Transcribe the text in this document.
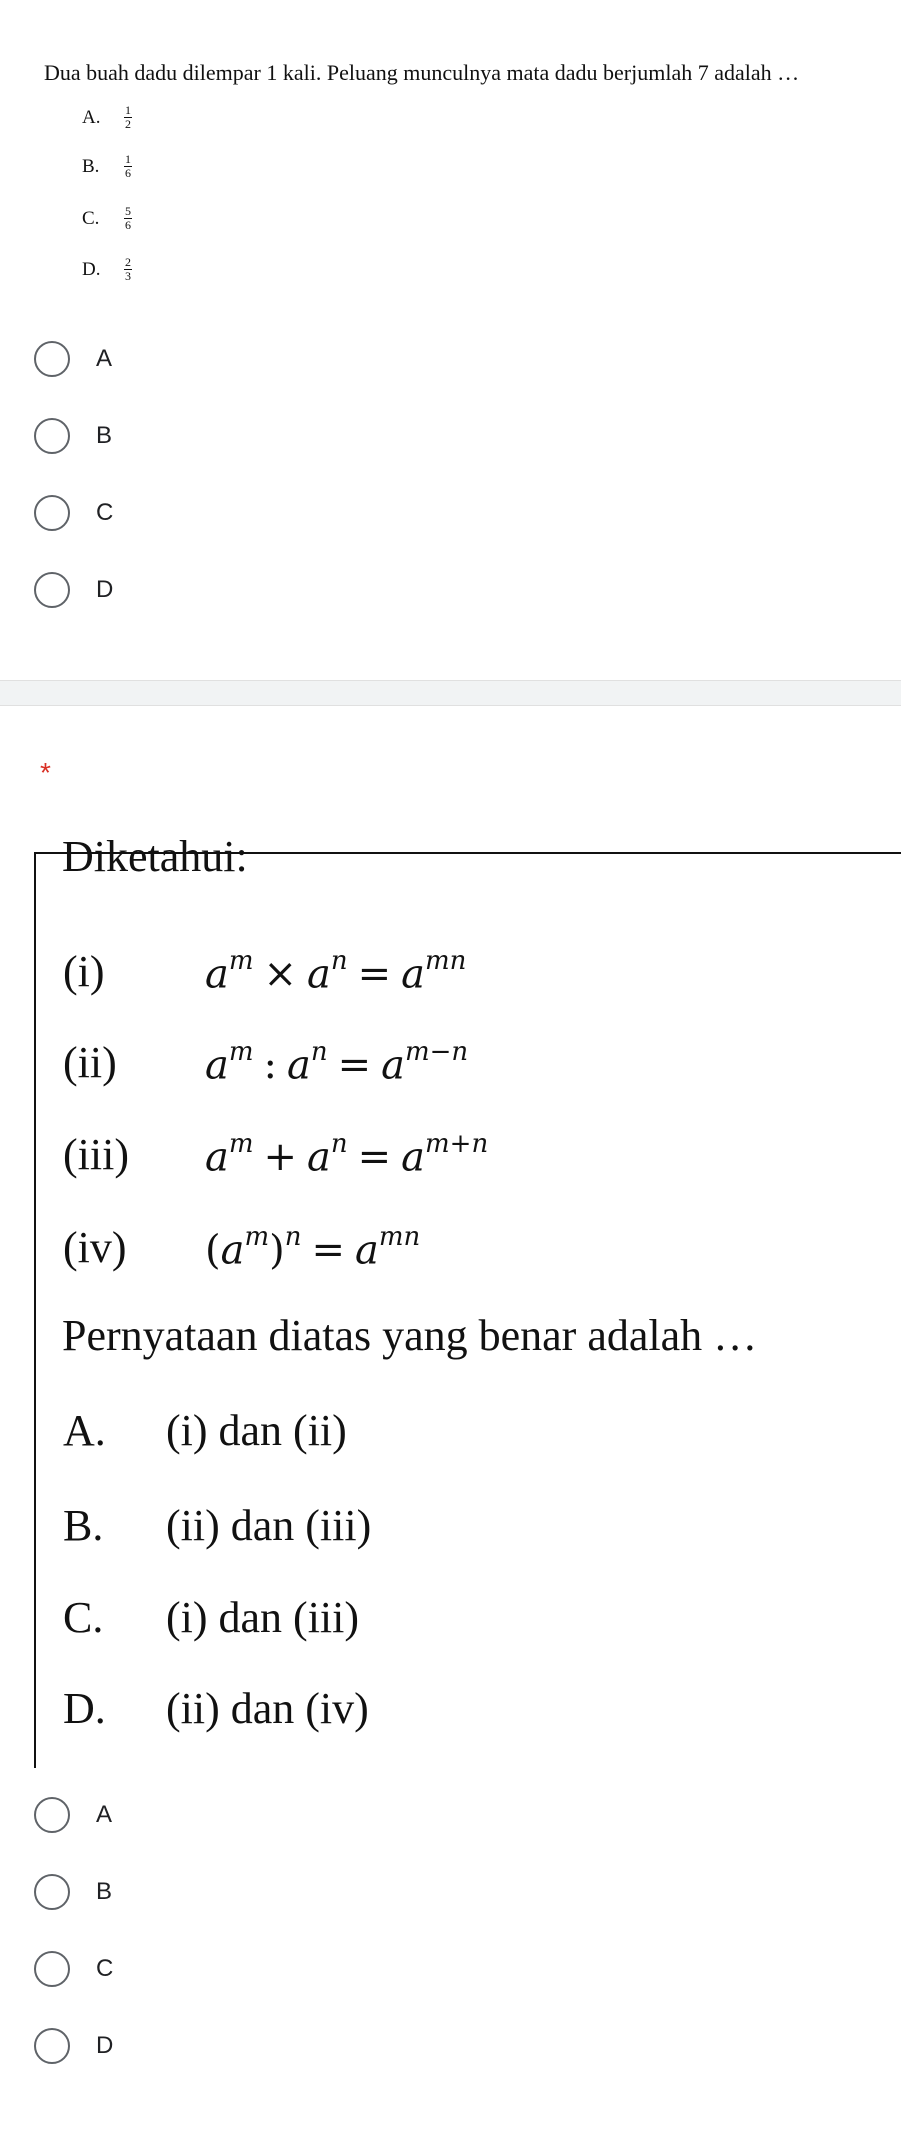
Dua buah dadu dilempar 1 kali. Peluang munculnya mata dadu berjumlah 7 adalah …
A.	$\frac{1}{2}$
B.	$\frac{1}{6}$
C.	$\frac{5}{6}$
D.	$\frac{2}{3}$
A
B
C
D
*
Diketahui:
(i)	$a^m \times a^n = a^{mn}$
(ii) $a^m$ : $a^n = a^{m-n}$
(iii) $a^m + a^n = a^{m+n}$
(iv) $(a^m)^n = a^{mn}$
Pernyataan diatas yang benar adalah …
A. (i) dan (ii)
B. (ii) dan (iii)
C. (i) dan (iii)
D. (ii) dan (iv)
A
B
C
D
